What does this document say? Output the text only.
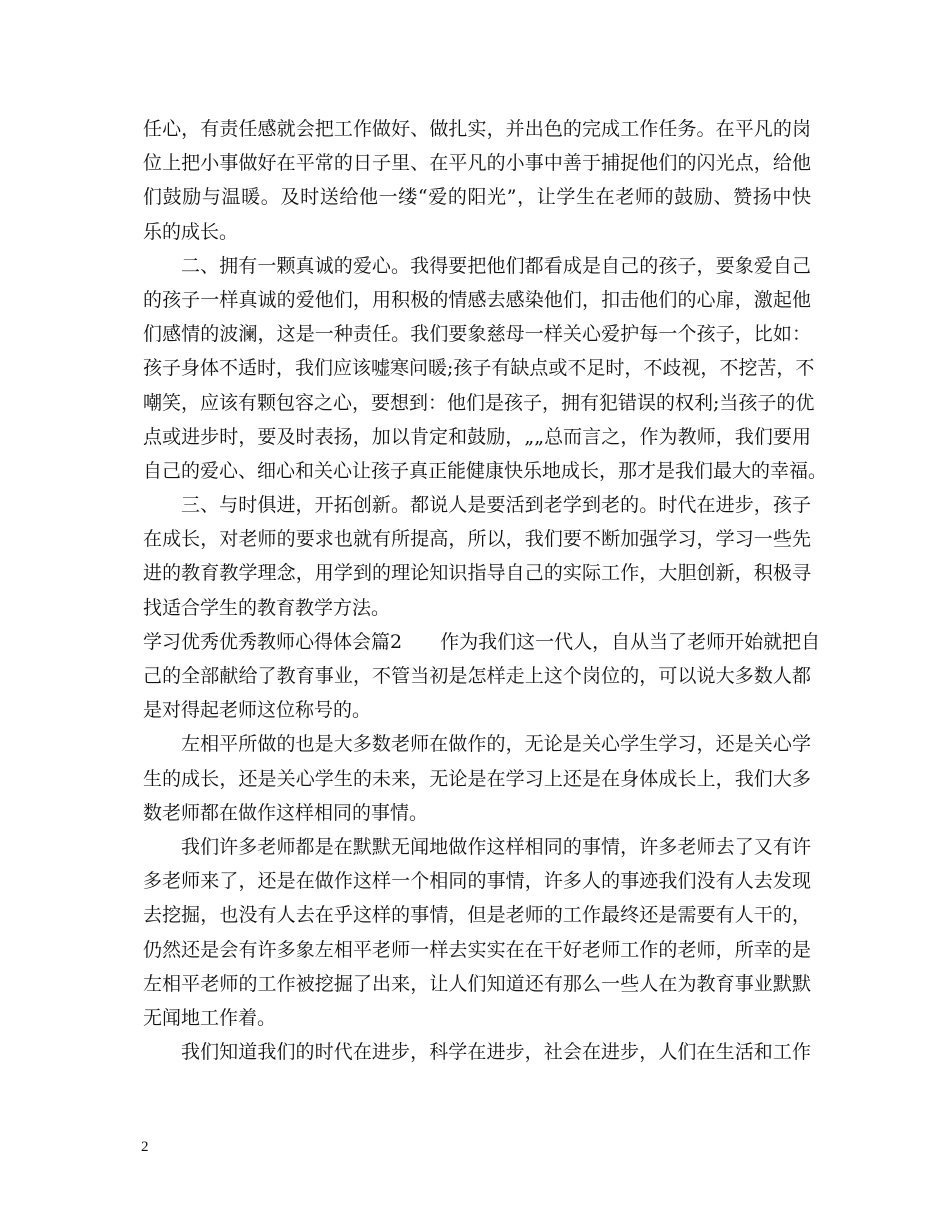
任心，有责任感就会把工作做好、做扎实，并出色的完成工作任务。在平凡的岗
位上把小事做好在平常的日子里、在平凡的小事中善于捕捉他们的闪光点，给他
们鼓励与温暖。及时送给他一缕“爱的阳光”，让学生在老师的鼓励、赞扬中快
乐的成长。
二、拥有一颗真诚的爱心。我得要把他们都看成是自己的孩子，要象爱自己
的孩子一样真诚的爱他们，用积极的情感去感染他们，扣击他们的心扉，激起他
们感情的波澜，这是一种责任。我们要象慈母一样关心爱护每一个孩子，比如：
孩子身体不适时，我们应该嘘寒问暖;孩子有缺点或不足时，不歧视，不挖苦，不
嘲笑，应该有颗包容之心，要想到：他们是孩子，拥有犯错误的权利;当孩子的优
点或进步时，要及时表扬，加以肯定和鼓励，„„总而言之，作为教师，我们要用
自己的爱心、细心和关心让孩子真正能健康快乐地成长，那才是我们最大的幸福。
三、与时俱进，开拓创新。都说人是要活到老学到老的。时代在进步，孩子
在成长，对老师的要求也就有所提高，所以，我们要不断加强学习，学习一些先
进的教育教学理念，用学到的理论知识指导自己的实际工作，大胆创新，积极寻
找适合学生的教育教学方法。
学习优秀优秀教师心得体会篇2 作为我们这一代人，自从当了老师开始就把自
己的全部献给了教育事业，不管当初是怎样走上这个岗位的，可以说大多数人都
是对得起老师这位称号的。
左相平所做的也是大多数老师在做作的，无论是关心学生学习，还是关心学
生的成长，还是关心学生的未来，无论是在学习上还是在身体成长上，我们大多
数老师都在做作这样相同的事情。
我们许多老师都是在默默无闻地做作这样相同的事情，许多老师去了又有许
多老师来了，还是在做作这样一个相同的事情，许多人的事迹我们没有人去发现
去挖掘，也没有人去在乎这样的事情，但是老师的工作最终还是需要有人干的，
仍然还是会有许多象左相平老师一样去实实在在干好老师工作的老师，所幸的是
左相平老师的工作被挖掘了出来，让人们知道还有那么一些人在为教育事业默默
无闻地工作着。
我们知道我们的时代在进步，科学在进步，社会在进步，人们在生活和工作
2
